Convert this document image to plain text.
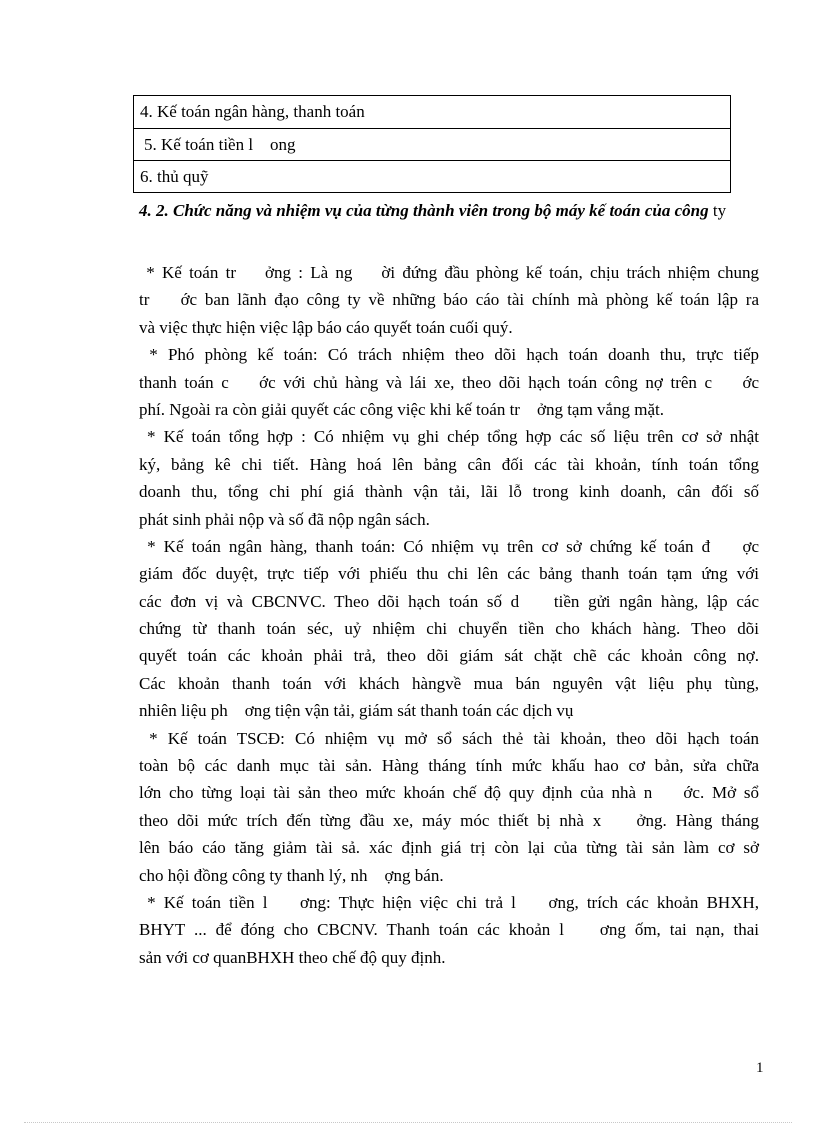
4. Kế toán ngân hàng, thanh toán
5. Kế toán tiền l    ong
6. thủ quỹ
4. 2. Chức năng và nhiệm vụ của từng thành viên trong bộ máy kế toán của công ty
* Kế toán tr    ởng : Là ng    ời đứng đầu phòng kế toán, chịu trách nhiệm chung
tr    ớc ban lãnh đạo công ty về những báo cáo tài chính mà phòng kế toán lập ra
và việc thực hiện việc lập báo cáo quyết toán cuối quý.
* Phó phòng kế toán: Có trách nhiệm theo dõi hạch toán doanh thu, trực tiếp
thanh toán c    ớc với chủ hàng và lái xe, theo dõi hạch toán công nợ trên c    ớc
phí. Ngoài ra còn giải quyết các công việc khi kế toán tr    ởng tạm vắng mặt.
* Kế toán tổng hợp : Có nhiệm vụ ghi chép tổng hợp các số liệu trên cơ sở nhật
ký, bảng kê chi tiết. Hàng hoá lên bảng cân đối các tài khoản, tính toán tổng
doanh thu, tổng chi phí giá thành vận tải, lãi lỗ trong kinh doanh, cân đối số
phát sinh phải nộp và số đã nộp ngân sách.
* Kế toán ngân hàng, thanh toán: Có nhiệm vụ trên cơ sở chứng kế toán đ    ợc
giám đốc duyệt, trực tiếp với phiếu thu chi lên các bảng thanh toán tạm ứng với
các đơn vị và CBCNVC. Theo dõi hạch toán số d    tiền gửi ngân hàng, lập các
chứng từ thanh toán séc, uỷ nhiệm chi chuyển tiền cho khách hàng. Theo dõi
quyết toán các khoản phải trả, theo dõi giám sát chặt chẽ các khoản công nợ.
Các khoản thanh toán với khách hàngvề mua bán nguyên vật liệu phụ tùng,
nhiên liệu ph    ơng tiện vận tải, giám sát thanh toán các dịch vụ
* Kế toán TSCĐ: Có nhiệm vụ mở sổ sách thẻ tài khoản, theo dõi hạch toán
toàn bộ các danh mục tài sản. Hàng tháng tính mức khấu hao cơ bản, sửa chữa
lớn cho từng loại tài sản theo mức khoán chế độ quy định của nhà n    ớc. Mở sổ
theo dõi mức trích đến từng đầu xe, máy móc thiết bị nhà x    ởng. Hàng tháng
lên báo cáo tăng giảm tài sả. xác định giá trị còn lại của từng tài sản làm cơ sở
cho hội đồng công ty thanh lý, nh    ợng bán.
* Kế toán tiền l    ơng: Thực hiện việc chi trả l    ơng, trích các khoản BHXH,
BHYT ... để đóng cho CBCNV. Thanh toán các khoản l    ơng ốm, tai nạn, thai
sản với cơ quanBHXH theo chế độ quy định.
1
